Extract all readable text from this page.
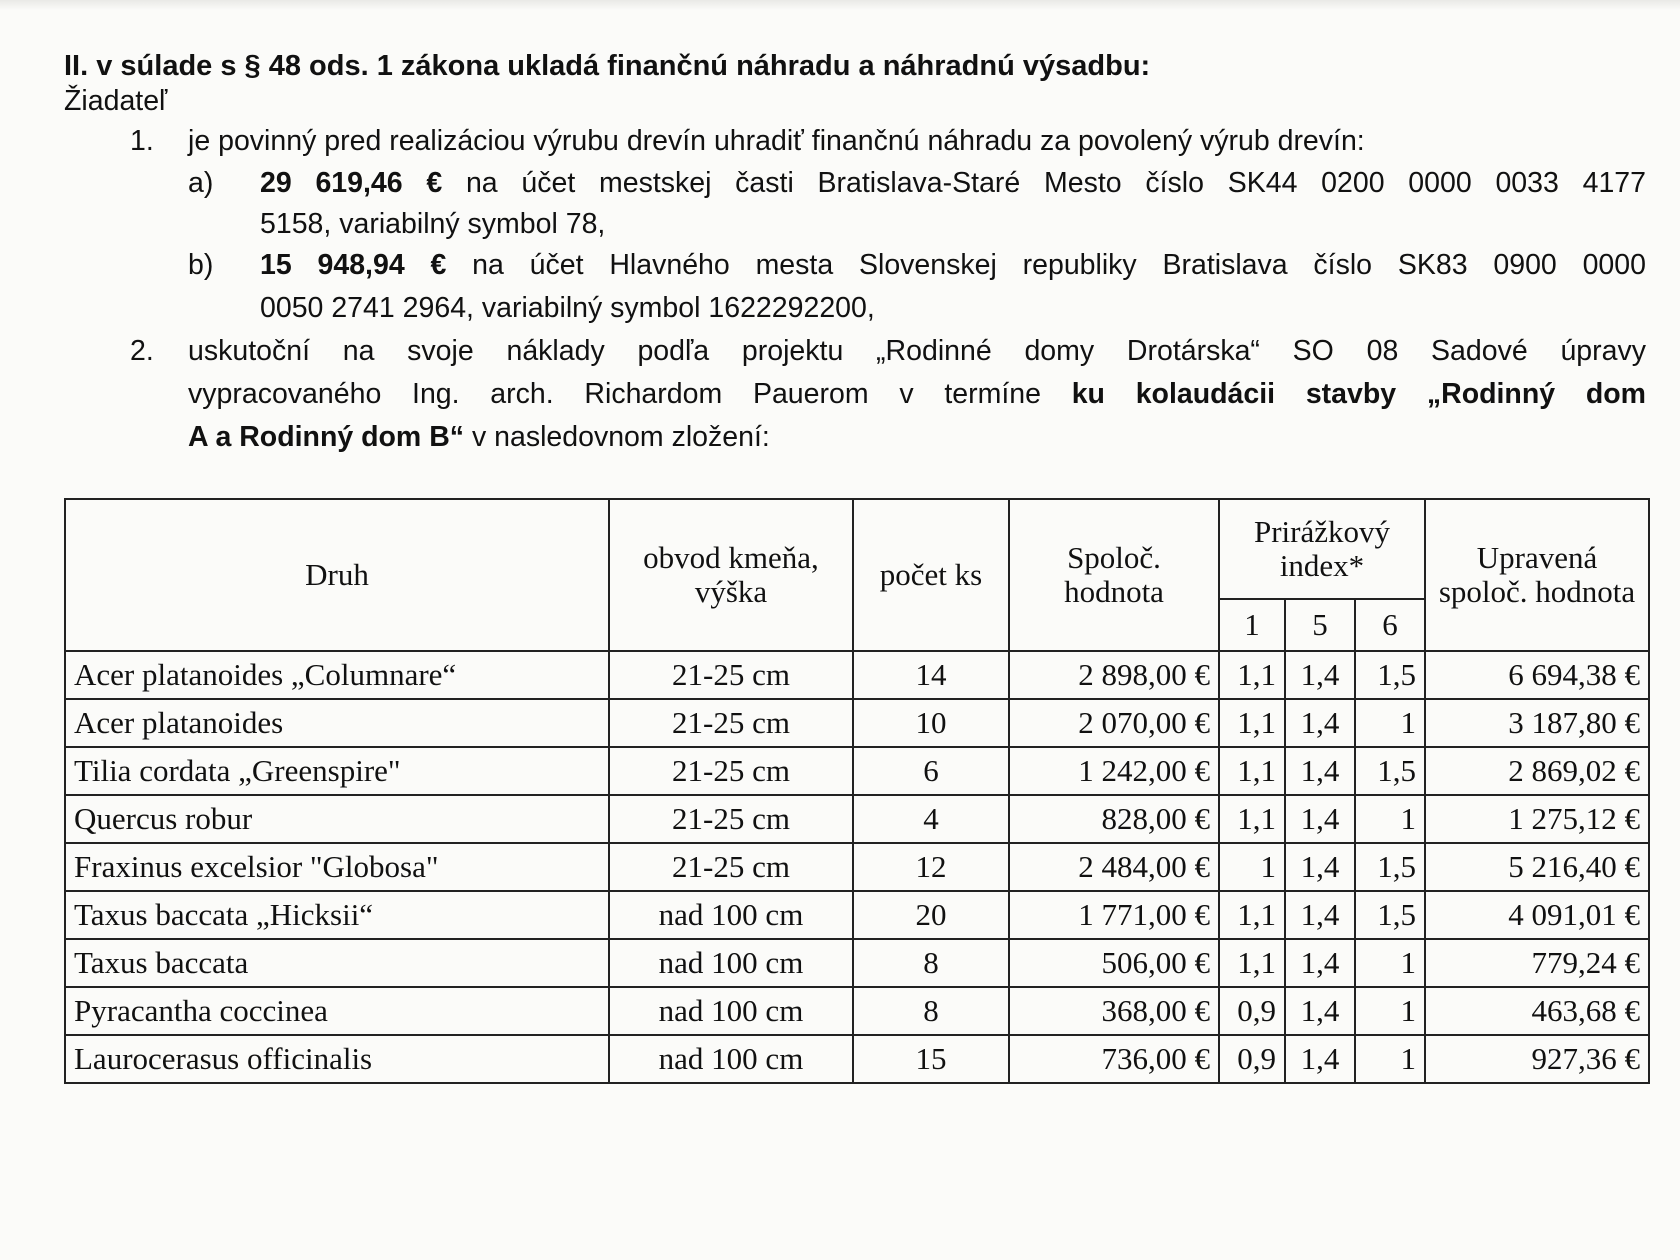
II. v súlade s § 48 ods. 1 zákona ukladá finančnú náhradu a náhradnú výsadbu:
Žiadateľ
1. je povinný pred realizáciou výrubu drevín uhradiť finančnú náhradu za povolený výrub drevín:
a) 29 619,46 € na účet mestskej časti Bratislava-Staré Mesto číslo SK44 0200 0000 0033 4177
5158, variabilný symbol 78,
b) 15 948,94 € na účet Hlavného mesta Slovenskej republiky Bratislava číslo SK83 0900 0000
0050 2741 2964, variabilný symbol 1622292200,
2. uskutoční na svoje náklady podľa projektu „Rodinné domy Drotárska“ SO 08 Sadové úpravy
vypracovaného Ing. arch. Richardom Pauerom v termíne ku kolaudácii stavby „Rodinný dom
A a Rodinný dom B“ v nasledovnom zložení:
Druh	obvod kmeňa, výška	počet ks	Spoloč. hodnota	Prirážkový index*			Upravená spoloč. hodnota
				1	5	6	
Acer platanoides „Columnare“	21-25 cm	14	2 898,00 €	1,1	1,4	1,5	6 694,38 €
Acer platanoides	21-25 cm	10	2 070,00 €	1,1	1,4	1	3 187,80 €
Tilia cordata „Greenspire"	21-25 cm	6	1 242,00 €	1,1	1,4	1,5	2 869,02 €
Quercus robur	21-25 cm	4	828,00 €	1,1	1,4	1	1 275,12 €
Fraxinus excelsior "Globosa"	21-25 cm	12	2 484,00 €	1	1,4	1,5	5 216,40 €
Taxus baccata „Hicksii“	nad 100 cm	20	1 771,00 €	1,1	1,4	1,5	4 091,01 €
Taxus baccata	nad 100 cm	8	506,00 €	1,1	1,4	1	779,24 €
Pyracantha coccinea	nad 100 cm	8	368,00 €	0,9	1,4	1	463,68 €
Laurocerasus officinalis	nad 100 cm	15	736,00 €	0,9	1,4	1	927,36 €
